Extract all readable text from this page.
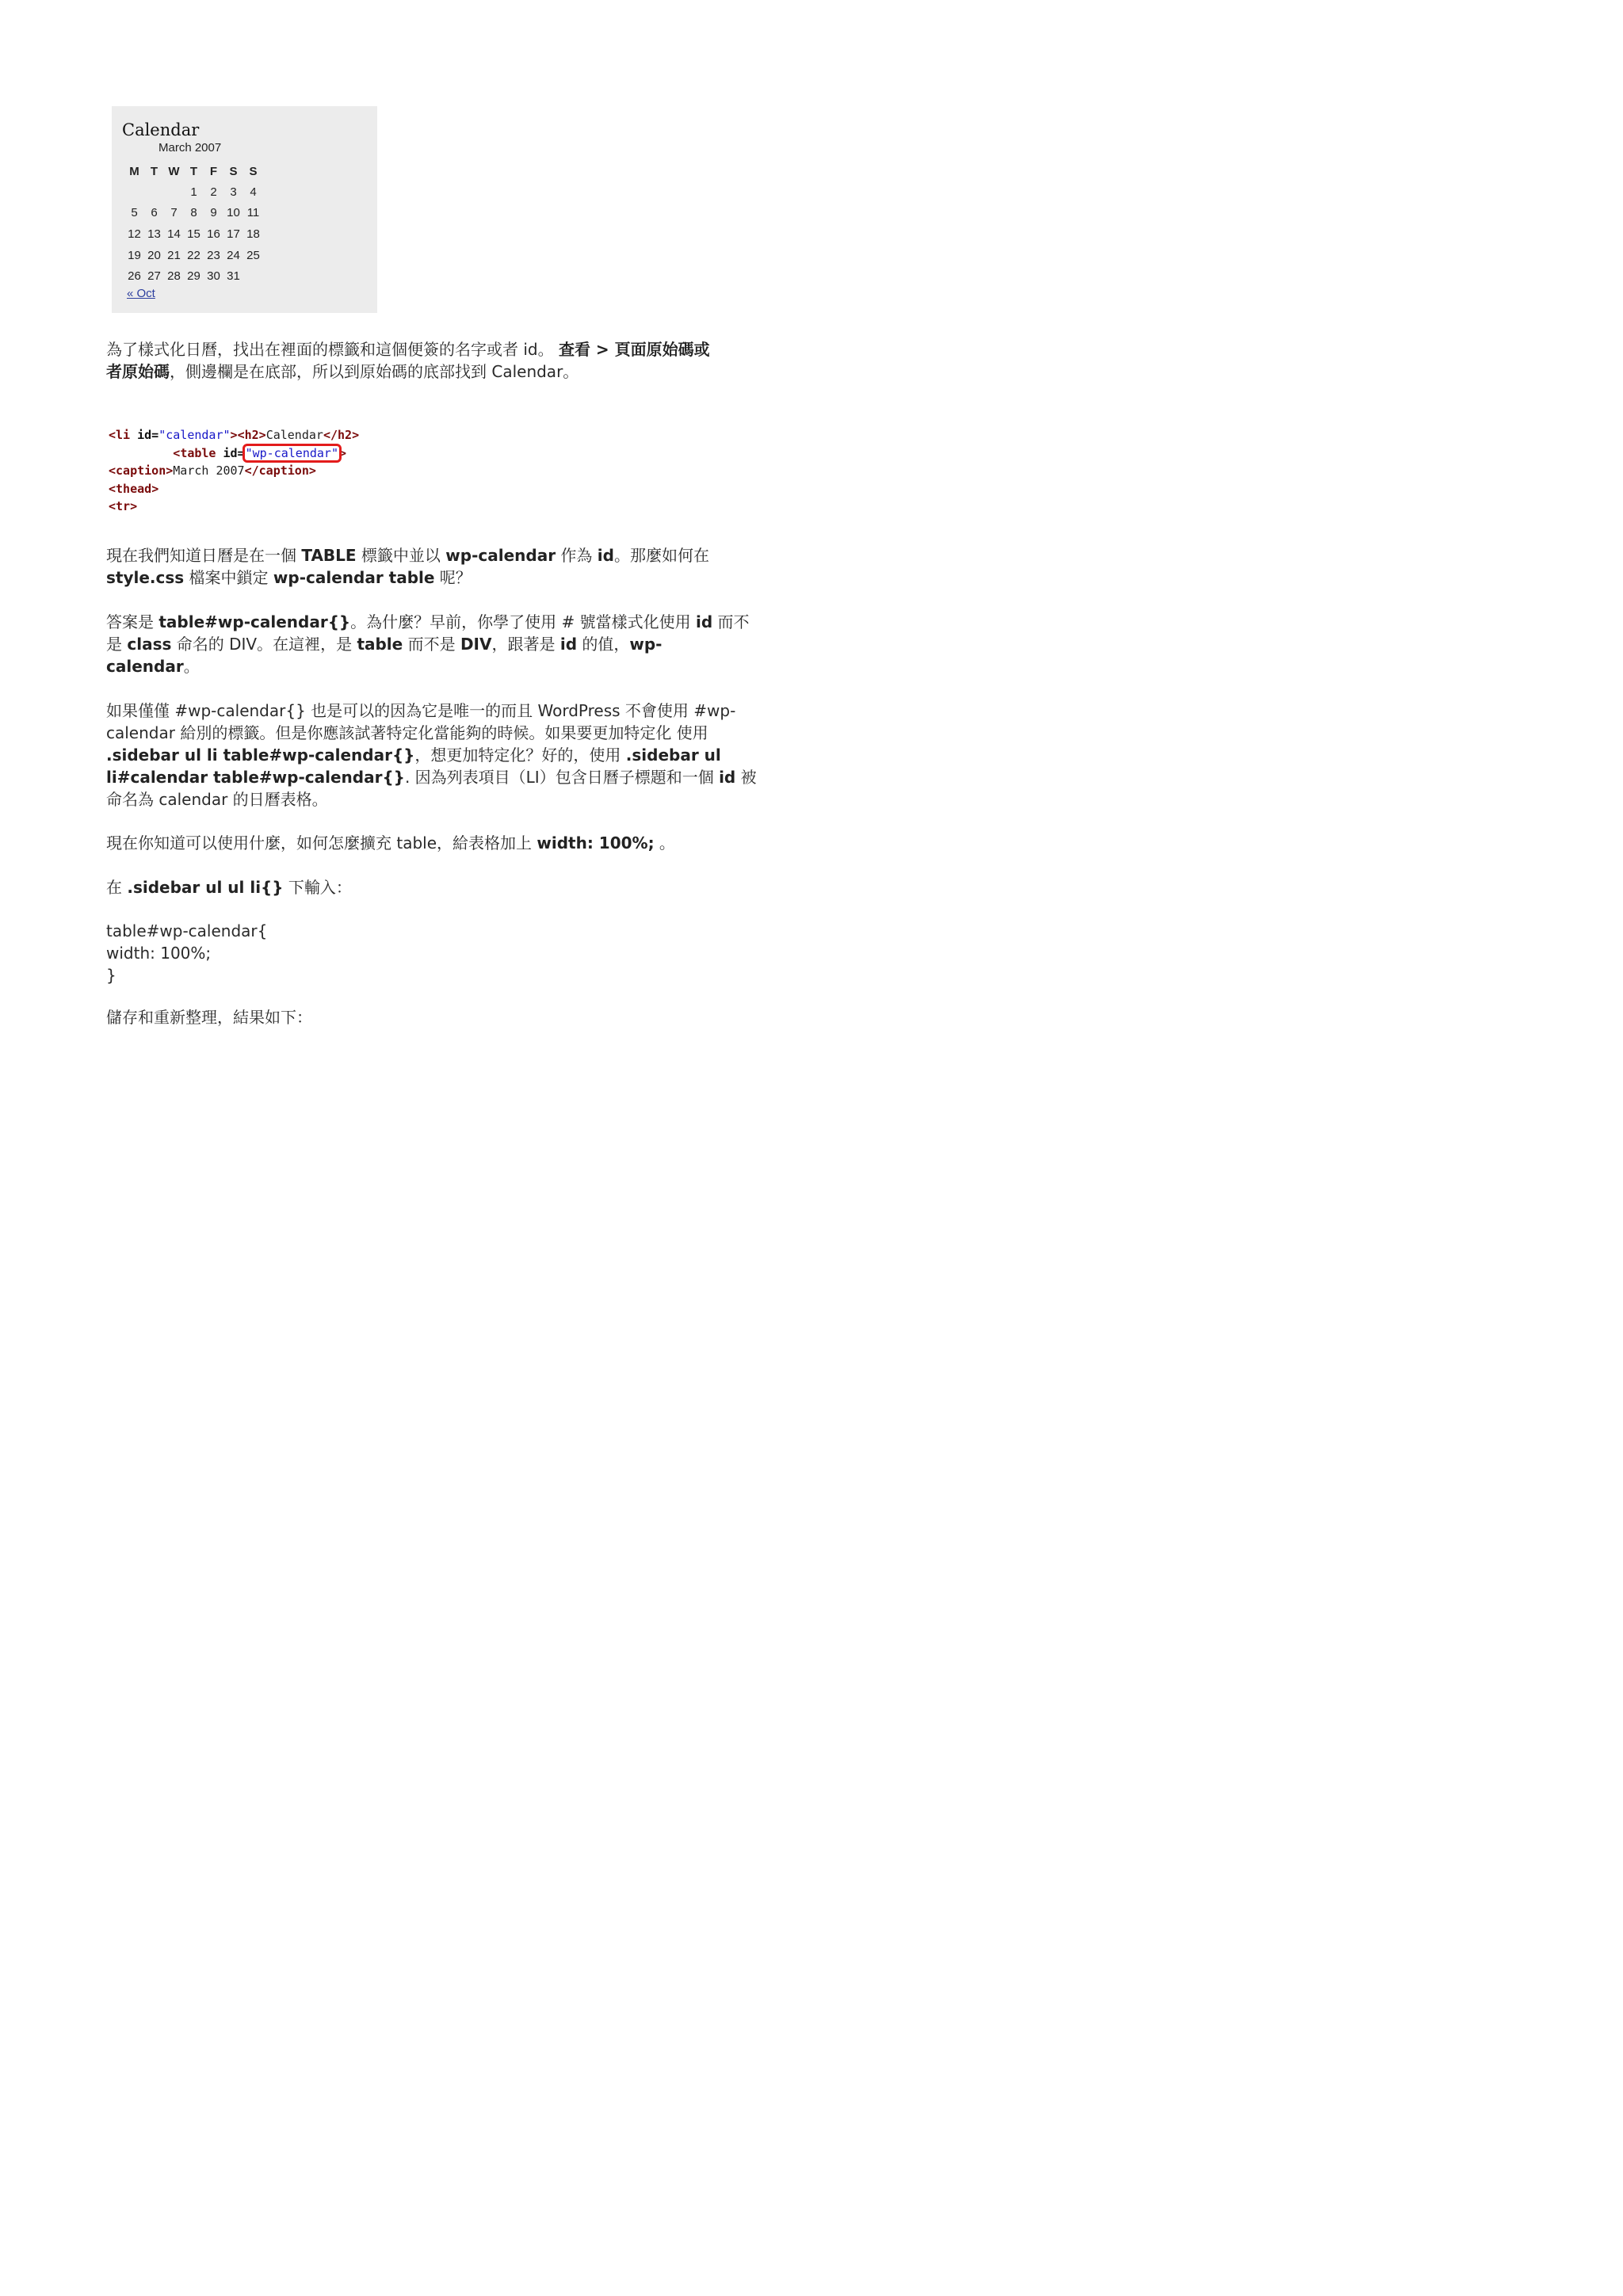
Calendar
March 2007
M	T	W	T	F	S	S
			1	2	3	4
5	6	7	8	9	10	11
12	13	14	15	16	17	18
19	20	21	22	23	24	25
26	27	28	29	30	31	
« Oct
為了樣式化日曆，找出在裡面的標籤和這個便簽的名字或者 id。 查看 > 頁面原始碼或
者原始碼，側邊欄是在底部，所以到原始碼的底部找到 Calendar。
<li id="calendar"><h2>Calendar</h2>
<table id="wp-calendar">
<caption>March 2007</caption>
<thead>
<tr>
現在我們知道日曆是在一個 TABLE 標籤中並以 wp-calendar 作為 id。那麼如何在
style.css 檔案中鎖定 wp-calendar table 呢？
答案是 table#wp-calendar{}。為什麼？早前，你學了使用 # 號當樣式化使用 id 而不
是 class 命名的 DIV。在這裡，是 table 而不是 DIV，跟著是 id 的值，wp-
calendar。
如果僅僅 #wp-calendar{} 也是可以的因為它是唯一的而且 WordPress 不會使用 #wp-
calendar 給別的標籤。但是你應該試著特定化當能夠的時候。如果要更加特定化 使用
.sidebar ul li table#wp-calendar{}，想更加特定化？好的，使用 .sidebar ul
li#calendar table#wp-calendar{}. 因為列表項目（LI）包含日曆子標題和一個 id 被
命名為 calendar 的日曆表格。
現在你知道可以使用什麼，如何怎麼擴充 table，給表格加上 width: 100%; 。
在 .sidebar ul ul li{} 下輸入：
table#wp-calendar{
width: 100%;
}
儲存和重新整理，結果如下：
